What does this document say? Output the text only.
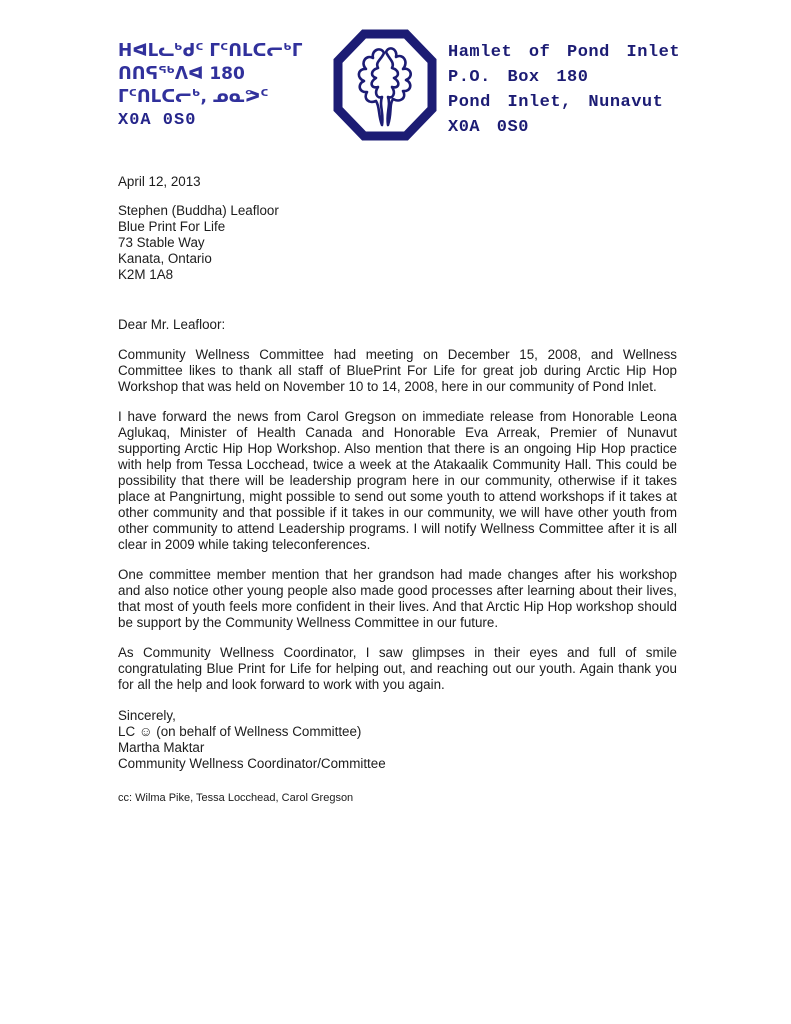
ᕼᐊᒪᓚᒃᑯᑦ ᒥᑦᑎᒪᑕᓕᒃᒥ
ᑎᑎᕋᖅᐱᐊ 180
ᒥᑦᑎᒪᑕᓕᒃ, ᓄᓇᕗᑦ
X0A 0S0
Hamlet of Pond Inlet
P.O. Box 180
Pond Inlet, Nunavut
X0A 0S0
April 12, 2013
Stephen (Buddha) Leafloor
Blue Print For Life
73 Stable Way
Kanata, Ontario
K2M 1A8
Dear Mr. Leafloor:

Community Wellness Committee had meeting on December 15, 2008, and Wellness Committee likes to thank all staff of BluePrint For Life for great job during Arctic Hip Hop Workshop that was held on November 10 to 14, 2008, here in our community of Pond Inlet.

I have forward the news from Carol Gregson on immediate release from Honorable Leona Aglukaq, Minister of Health Canada and Honorable Eva Arreak, Premier of Nunavut supporting Arctic Hip Hop Workshop. Also mention that there is an ongoing Hip Hop practice with help from Tessa Locchead, twice a week at the Atakaalik Community Hall. This could be possibility that there will be leadership program here in our community, otherwise if it takes place at Pangnirtung, might possible to send out some youth to attend workshops if it takes at other community and that possible if it takes in our community, we will have other youth from other community to attend Leadership programs. I will notify Wellness Committee after it is all clear in 2009 while taking teleconferences.

One committee member mention that her grandson had made changes after his workshop and also notice other young people also made good processes after learning about their lives, that most of youth feels more confident in their lives. And that Arctic Hip Hop workshop should be support by the Community Wellness Committee in our future.

As Community Wellness Coordinator, I saw glimpses in their eyes and full of smile congratulating Blue Print for Life for helping out, and reaching out our youth. Again thank you for all the help and look forward to work with you again.

Sincerely,
LC ☺ (on behalf of Wellness Committee)
Martha Maktar
Community Wellness Coordinator/Committee
cc: Wilma Pike, Tessa Locchead, Carol Gregson
